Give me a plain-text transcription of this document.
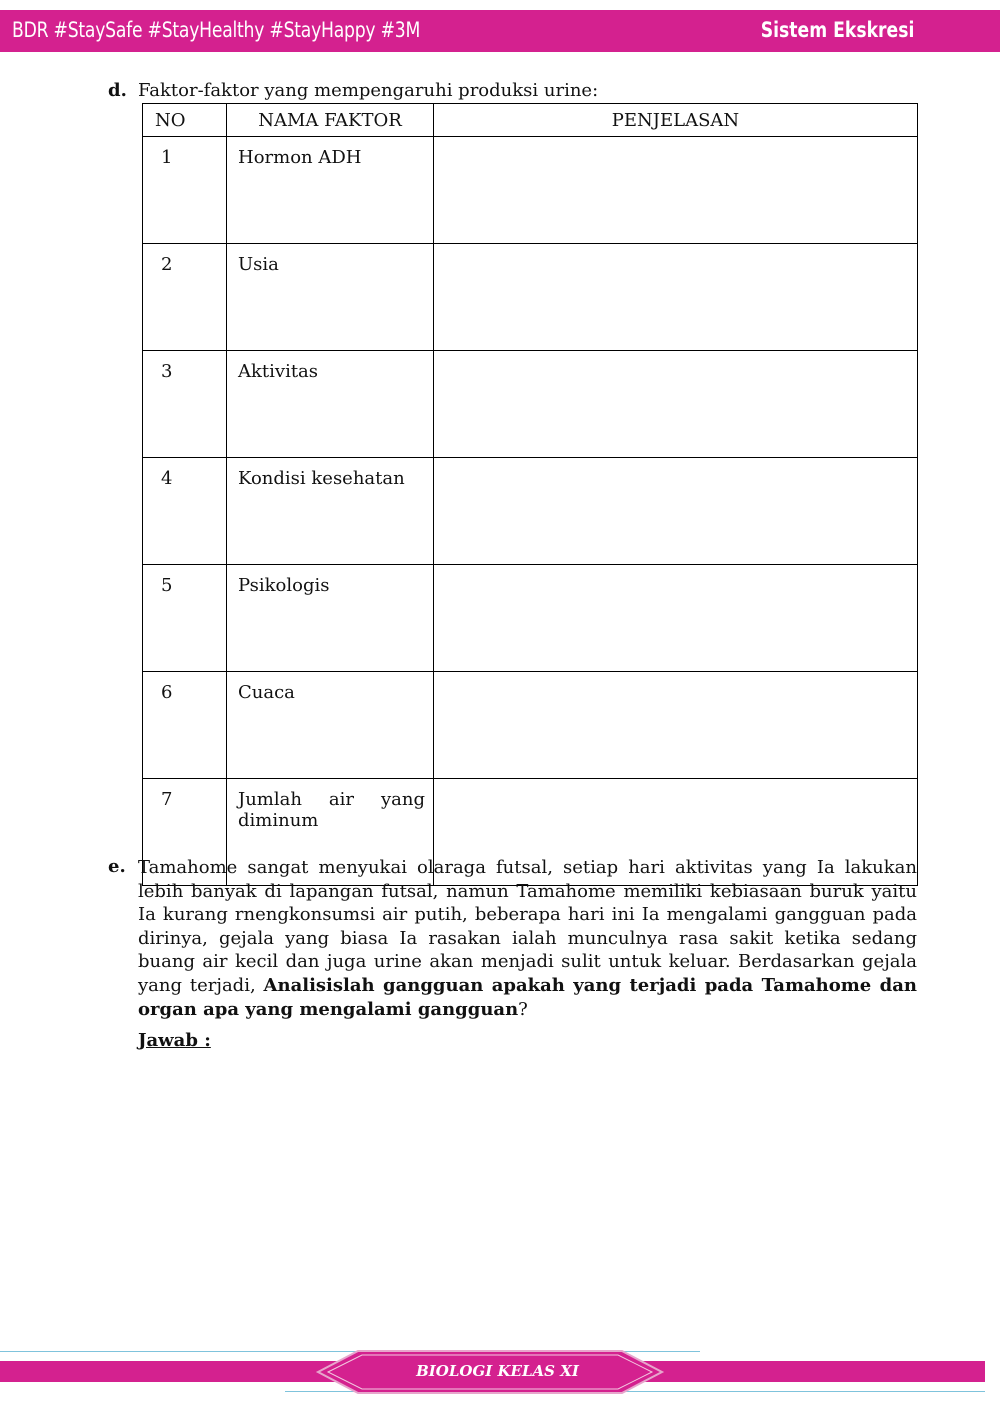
BDR #StaySafe #StayHealthy #StayHappy #3M	Sistem Ekskresi
d. Faktor-faktor yang mempengaruhi produksi urine:
NO	NAMA FAKTOR	PENJELASAN
1	Hormon ADH	
2	Usia	
3	Aktivitas	
4	Kondisi kesehatan	
5	Psikologis	
6	Cuaca	
7	Jumlah air yang diminum	
e. Tamahome sangat menyukai olaraga futsal, setiap hari aktivitas yang Ia lakukan lebih banyak di lapangan futsal, namun Tamahome memiliki kebiasaan buruk yaitu Ia kurang rnengkonsumsi air putih, beberapa hari ini Ia mengalami gangguan pada dirinya, gejala yang biasa Ia rasakan ialah munculnya rasa sakit ketika sedang buang air kecil dan juga urine akan menjadi sulit untuk keluar. Berdasarkan gejala yang terjadi, Analisislah gangguan apakah yang terjadi pada Tamahome dan organ apa yang mengalami gangguan?
Jawab :
BIOLOGI KELAS XI
